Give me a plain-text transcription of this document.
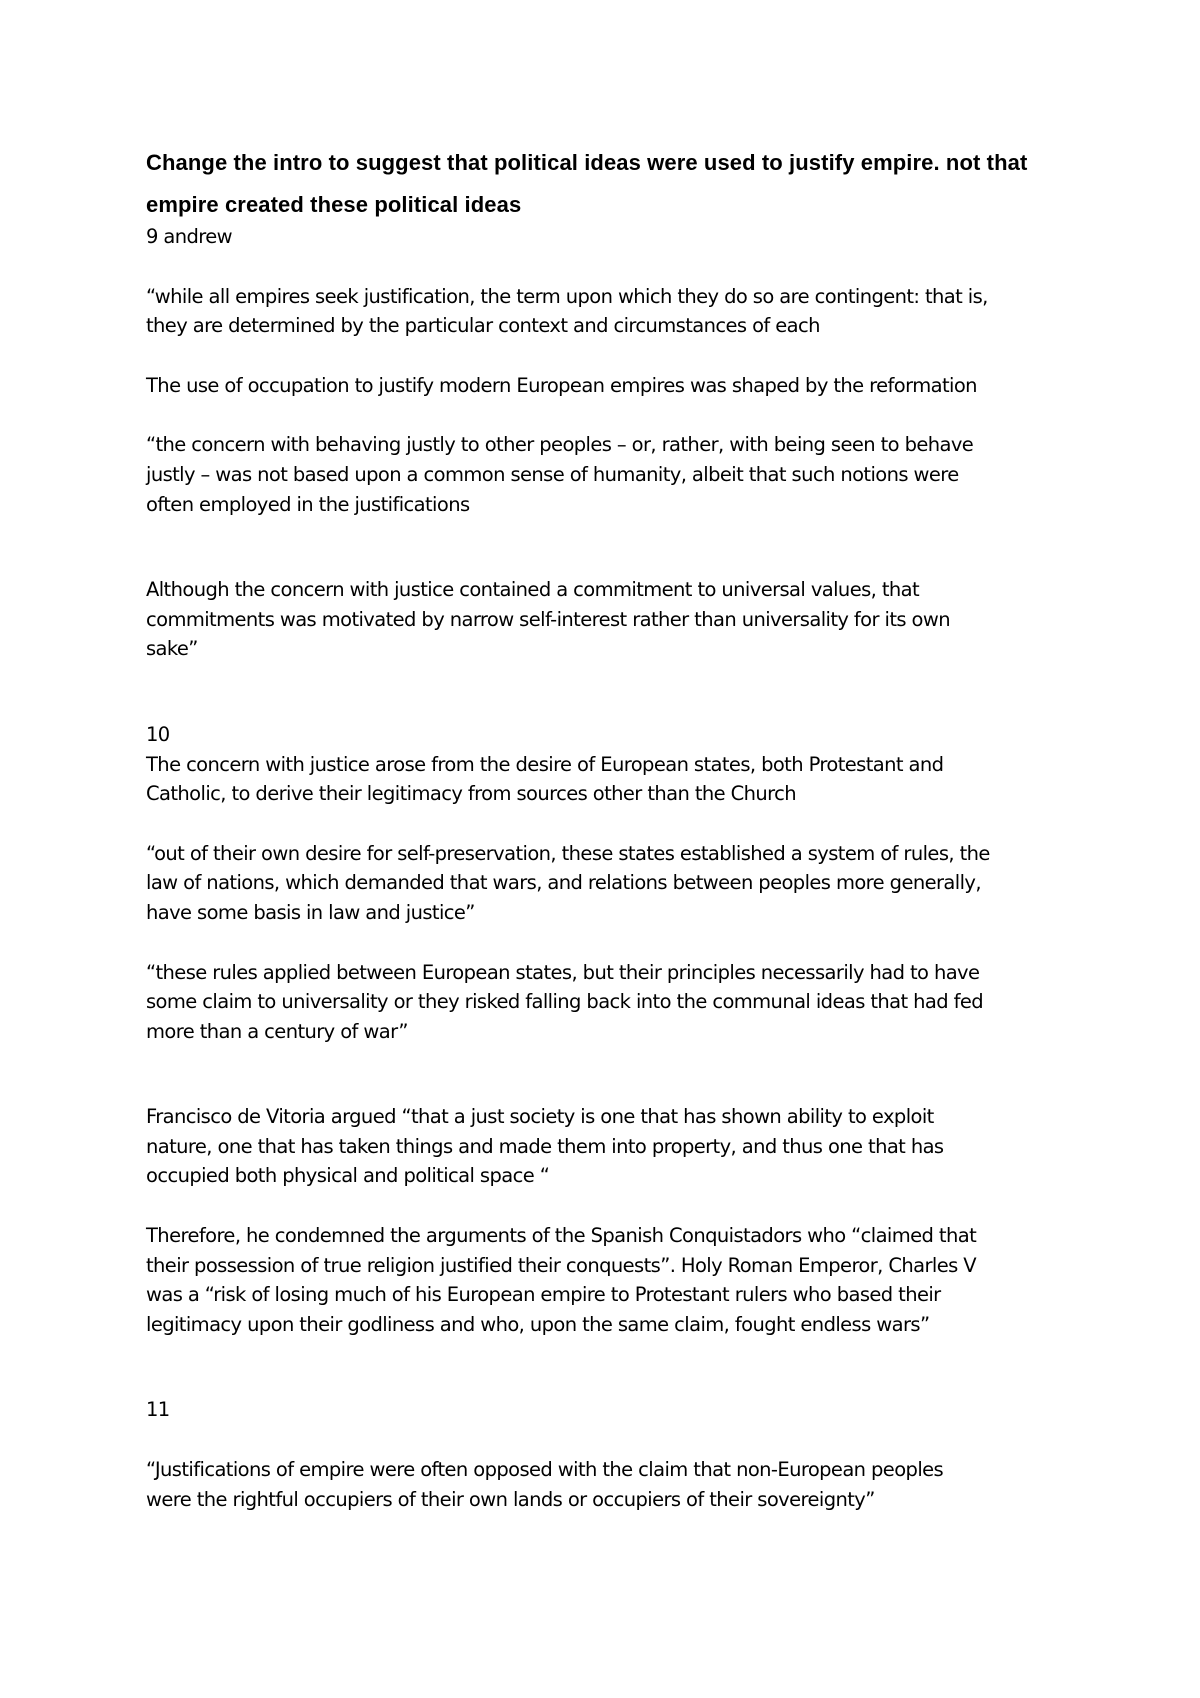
Change the intro to suggest that political ideas were used to justify empire. not that empire created these political ideas

9 andrew

“while all empires seek justification, the term upon which they do so are contingent: that is,
they are determined by the particular context and circumstances of each

The use of occupation to justify modern European empires was shaped by the reformation

“the concern with behaving justly to other peoples – or, rather, with being seen to behave
justly – was not based upon a common sense of humanity, albeit that such notions were
often employed in the justifications

Although the concern with justice contained a commitment to universal values, that
commitments was motivated by narrow self-interest rather than universality for its own
sake”

10

The concern with justice arose from the desire of European states, both Protestant and
Catholic, to derive their legitimacy from sources other than the Church

“out of their own desire for self-preservation, these states established a system of rules, the
law of nations, which demanded that wars, and relations between peoples more generally,
have some basis in law and justice”

“these rules applied between European states, but their principles necessarily had to have
some claim to universality or they risked falling back into the communal ideas that had fed
more than a century of war”

Francisco de Vitoria argued “that a just society is one that has shown ability to exploit
nature, one that has taken things and made them into property, and thus one that has
occupied both physical and political space “

Therefore, he condemned the arguments of the Spanish Conquistadors who “claimed that
their possession of true religion justified their conquests”. Holy Roman Emperor, Charles V
was a “risk of losing much of his European empire to Protestant rulers who based their
legitimacy upon their godliness and who, upon the same claim, fought endless wars”

11

“Justifications of empire were often opposed with the claim that non-European peoples
were the rightful occupiers of their own lands or occupiers of their sovereignty”
